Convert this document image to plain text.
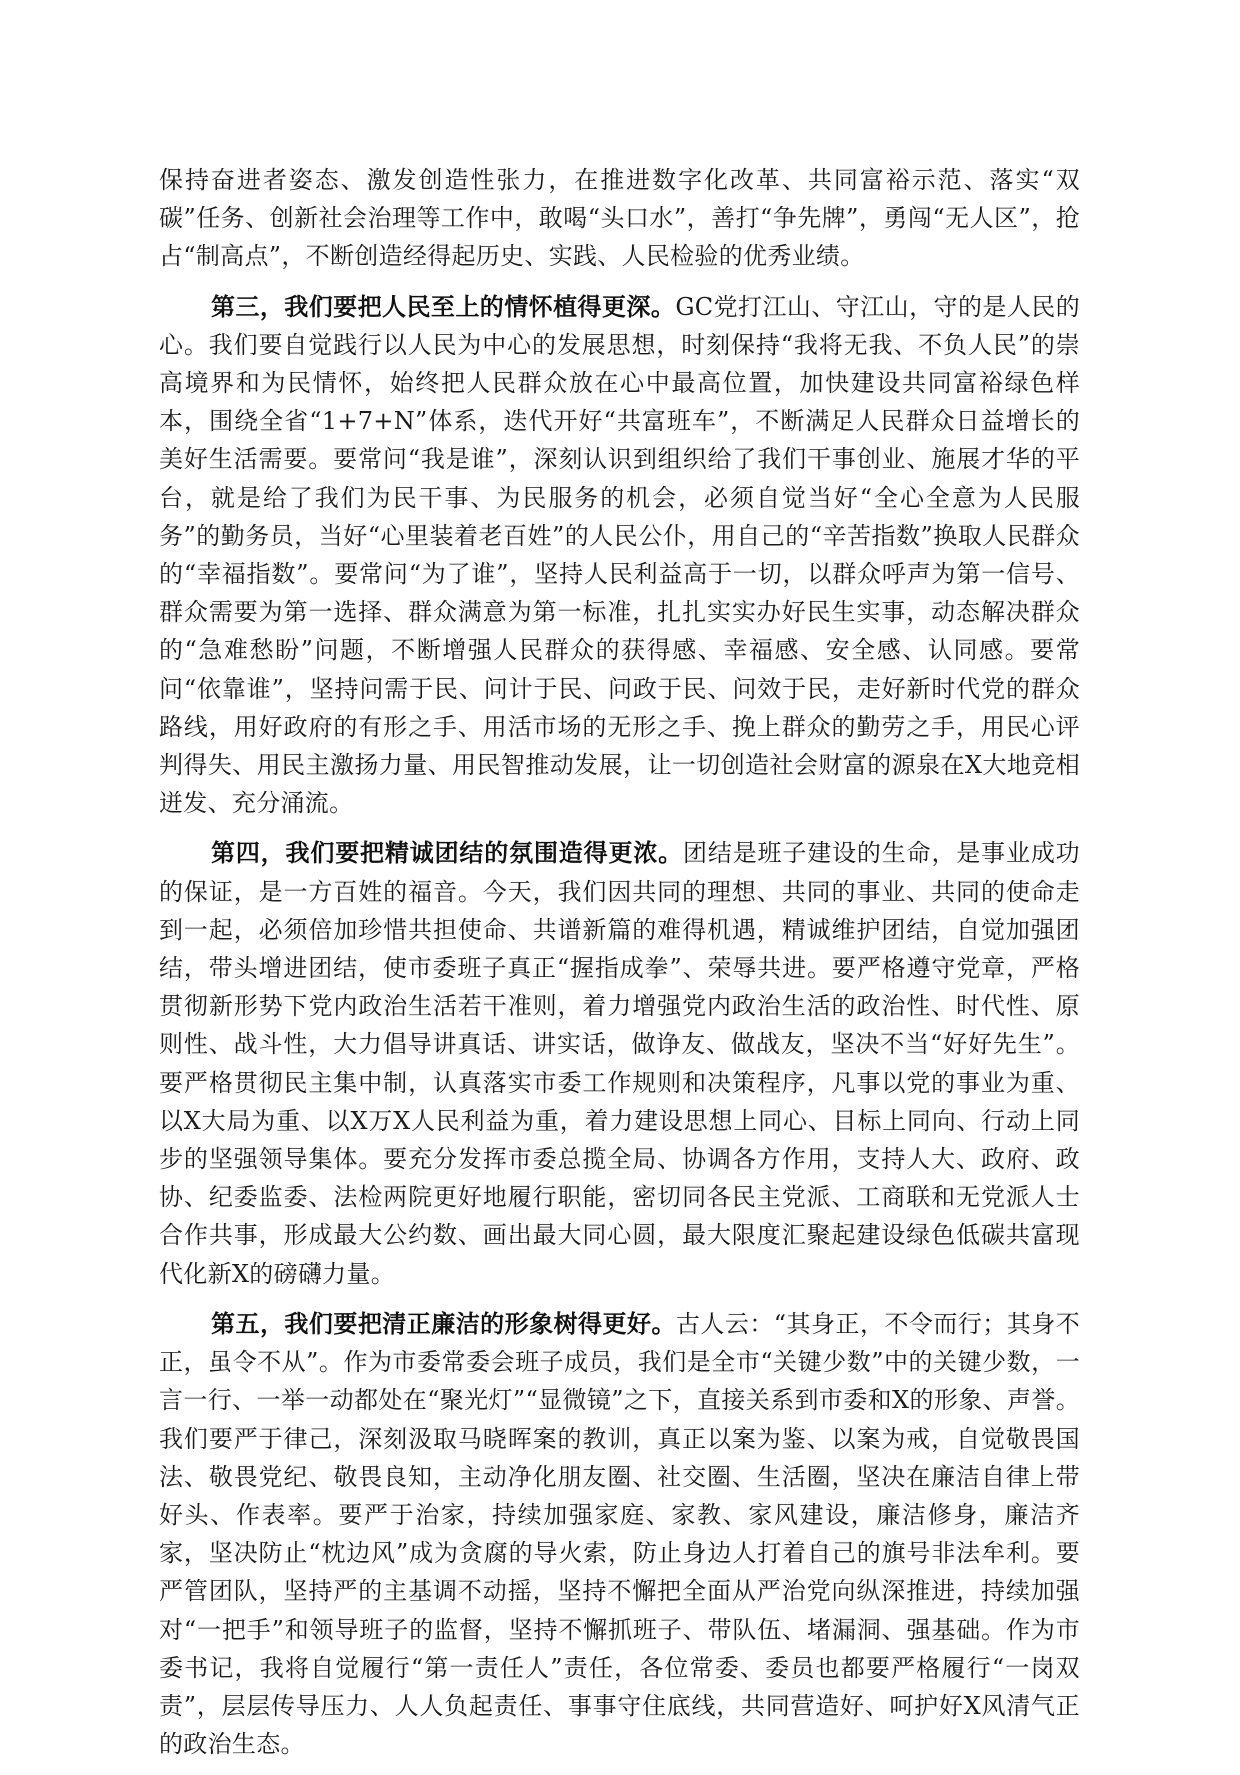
保持奋进者姿态、激发创造性张力，在推进数字化改革、共同富裕示范、落实“双碳”任务、创新社会治理等工作中，敢喝“头口水”，善打“争先牌”，勇闯“无人区”，抢占“制高点”，不断创造经得起历史、实践、人民检验的优秀业绩。

第三，我们要把人民至上的情怀植得更深。GC党打江山、守江山，守的是人民的心。我们要自觉践行以人民为中心的发展思想，时刻保持“我将无我、不负人民”的崇高境界和为民情怀，始终把人民群众放在心中最高位置，加快建设共同富裕绿色样本，围绕全省“1+7+N”体系，迭代开好“共富班车”，不断满足人民群众日益增长的美好生活需要。要常问“我是谁”，深刻认识到组织给了我们干事创业、施展才华的平台，就是给了我们为民干事、为民服务的机会，必须自觉当好“全心全意为人民服务”的勤务员，当好“心里装着老百姓”的人民公仆，用自己的“辛苦指数”换取人民群众的“幸福指数”。要常问“为了谁”，坚持人民利益高于一切，以群众呼声为第一信号、群众需要为第一选择、群众满意为第一标准，扎扎实实办好民生实事，动态解决群众的“急难愁盼”问题，不断增强人民群众的获得感、幸福感、安全感、认同感。要常问“依靠谁”，坚持问需于民、问计于民、问政于民、问效于民，走好新时代党的群众路线，用好政府的有形之手、用活市场的无形之手、挽上群众的勤劳之手，用民心评判得失、用民主激扬力量、用民智推动发展，让一切创造社会财富的源泉在X大地竞相迸发、充分涌流。

第四，我们要把精诚团结的氛围造得更浓。团结是班子建设的生命，是事业成功的保证，是一方百姓的福音。今天，我们因共同的理想、共同的事业、共同的使命走到一起，必须倍加珍惜共担使命、共谱新篇的难得机遇，精诚维护团结，自觉加强团结，带头增进团结，使市委班子真正“握指成拳”、荣辱共进。要严格遵守党章，严格贯彻新形势下党内政治生活若干准则，着力增强党内政治生活的政治性、时代性、原则性、战斗性，大力倡导讲真话、讲实话，做诤友、做战友，坚决不当“好好先生”。要严格贯彻民主集中制，认真落实市委工作规则和决策程序，凡事以党的事业为重、以X大局为重、以X万X人民利益为重，着力建设思想上同心、目标上同向、行动上同步的坚强领导集体。要充分发挥市委总揽全局、协调各方作用，支持人大、政府、政协、纪委监委、法检两院更好地履行职能，密切同各民主党派、工商联和无党派人士合作共事，形成最大公约数、画出最大同心圆，最大限度汇聚起建设绿色低碳共富现代化新X的磅礴力量。

第五，我们要把清正廉洁的形象树得更好。古人云：“其身正，不令而行；其身不正，虽令不从”。作为市委常委会班子成员，我们是全市“关键少数”中的关键少数，一言一行、一举一动都处在“聚光灯”“显微镜”之下，直接关系到市委和X的形象、声誉。我们要严于律己，深刻汲取马晓晖案的教训，真正以案为鉴、以案为戒，自觉敬畏国法、敬畏党纪、敬畏良知，主动净化朋友圈、社交圈、生活圈，坚决在廉洁自律上带好头、作表率。要严于治家，持续加强家庭、家教、家风建设，廉洁修身，廉洁齐家，坚决防止“枕边风”成为贪腐的导火索，防止身边人打着自己的旗号非法牟利。要严管团队，坚持严的主基调不动摇，坚持不懈把全面从严治党向纵深推进，持续加强对“一把手”和领导班子的监督，坚持不懈抓班子、带队伍、堵漏洞、强基础。作为市委书记，我将自觉履行“第一责任人”责任，各位常委、委员也都要严格履行“一岗双责”，层层传导压力、人人负起责任、事事守住底线，共同营造好、呵护好X风清气正的政治生态。
